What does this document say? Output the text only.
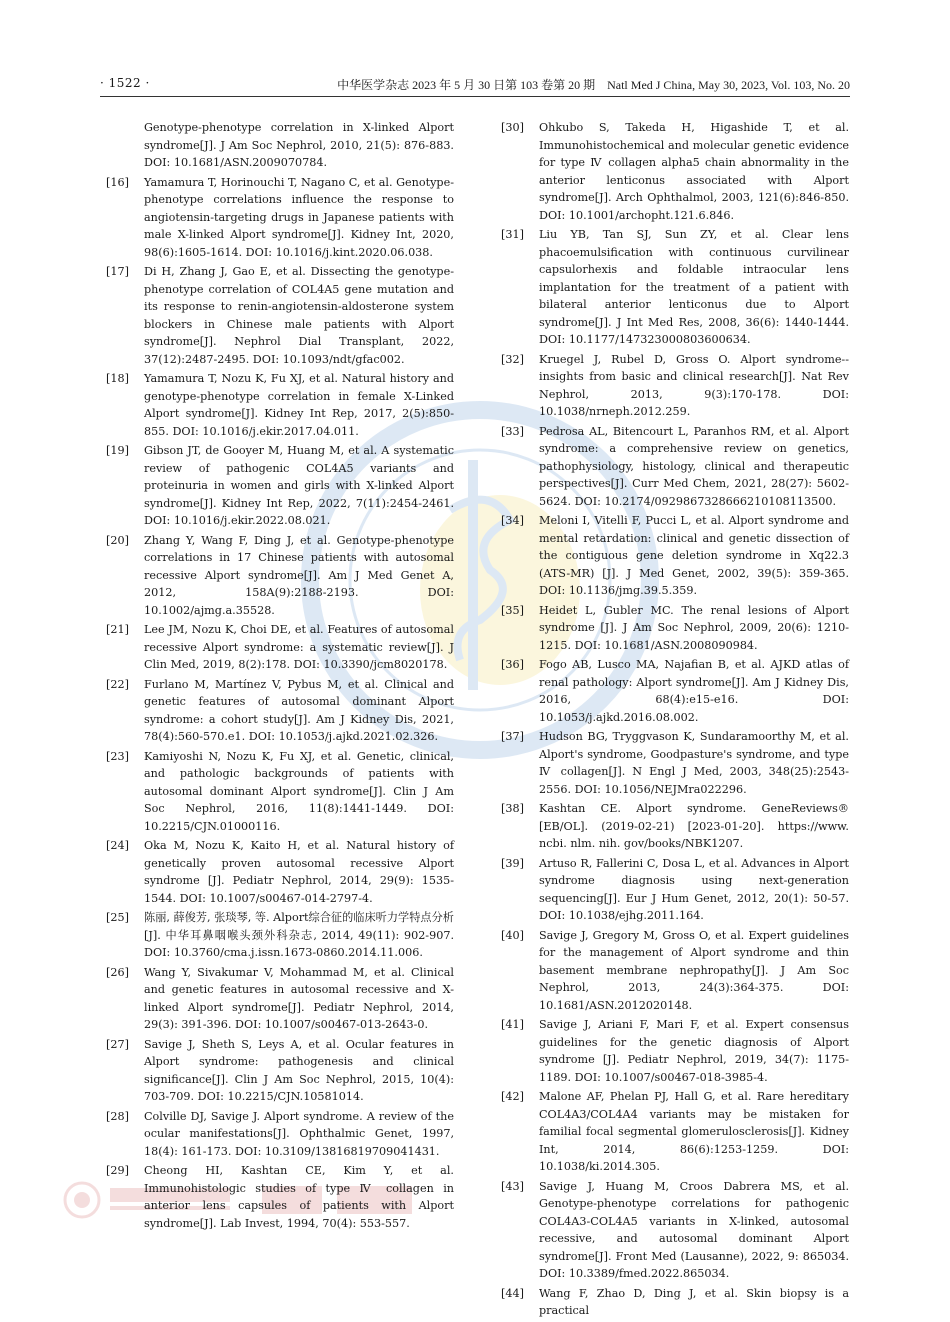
· 1522 ·	中华医学杂志 2023 年 5 月 30 日第 103 卷第 20 期　Natl Med J China, May 30, 2023, Vol. 103, No. 20
Genotype-phenotype correlation in X-linked Alport syndrome[J]. J Am Soc Nephrol, 2010, 21(5): 876-883. DOI: 10.1681/ASN.2009070784.
[16] Yamamura T, Horinouchi T, Nagano C, et al. Genotype-phenotype correlations influence the response to angiotensin-targeting drugs in Japanese patients with male X-linked Alport syndrome[J]. Kidney Int, 2020, 98(6):1605-1614. DOI: 10.1016/j.kint.2020.06.038.
[17] Di H, Zhang J, Gao E, et al. Dissecting the genotype-phenotype correlation of COL4A5 gene mutation and its response to renin-angiotensin-aldosterone system blockers in Chinese male patients with Alport syndrome[J]. Nephrol Dial Transplant, 2022, 37(12):2487-2495. DOI: 10.1093/ndt/gfac002.
[18] Yamamura T, Nozu K, Fu XJ, et al. Natural history and genotype-phenotype correlation in female X-Linked Alport syndrome[J]. Kidney Int Rep, 2017, 2(5):850-855. DOI: 10.1016/j.ekir.2017.04.011.
[19] Gibson JT, de Gooyer M, Huang M, et al. A systematic review of pathogenic COL4A5 variants and proteinuria in women and girls with X-linked Alport syndrome[J]. Kidney Int Rep, 2022, 7(11):2454-2461. DOI: 10.1016/j.ekir.2022.08.021.
[20] Zhang Y, Wang F, Ding J, et al. Genotype-phenotype correlations in 17 Chinese patients with autosomal recessive Alport syndrome[J]. Am J Med Genet A, 2012, 158A(9):2188-2193. DOI: 10.1002/ajmg.a.35528.
[21] Lee JM, Nozu K, Choi DE, et al. Features of autosomal recessive Alport syndrome: a systematic review[J]. J Clin Med, 2019, 8(2):178. DOI: 10.3390/jcm8020178.
[22] Furlano M, Martínez V, Pybus M, et al. Clinical and genetic features of autosomal dominant Alport syndrome: a cohort study[J]. Am J Kidney Dis, 2021, 78(4):560-570.e1. DOI: 10.1053/j.ajkd.2021.02.326.
[23] Kamiyoshi N, Nozu K, Fu XJ, et al. Genetic, clinical, and pathologic backgrounds of patients with autosomal dominant Alport syndrome[J]. Clin J Am Soc Nephrol, 2016, 11(8):1441-1449. DOI: 10.2215/CJN.01000116.
[24] Oka M, Nozu K, Kaito H, et al. Natural history of genetically proven autosomal recessive Alport syndrome [J]. Pediatr Nephrol, 2014, 29(9): 1535-1544. DOI: 10.1007/s00467-014-2797-4.
[25] 陈丽, 薛俊芳, 张琰琴, 等. Alport综合征的临床听力学特点分析[J]. 中华耳鼻咽喉头颈外科杂志, 2014, 49(11): 902-907. DOI: 10.3760/cma.j.issn.1673-0860.2014.11.006.
[26] Wang Y, Sivakumar V, Mohammad M, et al. Clinical and genetic features in autosomal recessive and X-linked Alport syndrome[J]. Pediatr Nephrol, 2014, 29(3): 391-396. DOI: 10.1007/s00467-013-2643-0.
[27] Savige J, Sheth S, Leys A, et al. Ocular features in Alport syndrome: pathogenesis and clinical significance[J]. Clin J Am Soc Nephrol, 2015, 10(4): 703-709. DOI: 10.2215/CJN.10581014.
[28] Colville DJ, Savige J. Alport syndrome. A review of the ocular manifestations[J]. Ophthalmic Genet, 1997, 18(4): 161-173. DOI: 10.3109/13816819709041431.
[29] Cheong HI, Kashtan CE, Kim Y, et al. Immunohistologic studies of type Ⅳ collagen in anterior lens capsules of patients with Alport syndrome[J]. Lab Invest, 1994, 70(4): 553-557.
[30] Ohkubo S, Takeda H, Higashide T, et al. Immunohistochemical and molecular genetic evidence for type Ⅳ collagen alpha5 chain abnormality in the anterior lenticonus associated with Alport syndrome[J]. Arch Ophthalmol, 2003, 121(6):846-850. DOI: 10.1001/archopht.121.6.846.
[31] Liu YB, Tan SJ, Sun ZY, et al. Clear lens phacoemulsification with continuous curvilinear capsulorhexis and foldable intraocular lens implantation for the treatment of a patient with bilateral anterior lenticonus due to Alport syndrome[J]. J Int Med Res, 2008, 36(6): 1440-1444. DOI: 10.1177/147323000803600634.
[32] Kruegel J, Rubel D, Gross O. Alport syndrome--insights from basic and clinical research[J]. Nat Rev Nephrol, 2013, 9(3):170-178. DOI: 10.1038/nrneph.2012.259.
[33] Pedrosa AL, Bitencourt L, Paranhos RM, et al. Alport syndrome: a comprehensive review on genetics, pathophysiology, histology, clinical and therapeutic perspectives[J]. Curr Med Chem, 2021, 28(27): 5602-5624. DOI: 10.2174/0929867328666210108113500.
[34] Meloni I, Vitelli F, Pucci L, et al. Alport syndrome and mental retardation: clinical and genetic dissection of the contiguous gene deletion syndrome in Xq22.3 (ATS-MR) [J]. J Med Genet, 2002, 39(5): 359-365. DOI: 10.1136/jmg.39.5.359.
[35] Heidet L, Gubler MC. The renal lesions of Alport syndrome [J]. J Am Soc Nephrol, 2009, 20(6): 1210-1215. DOI: 10.1681/ASN.2008090984.
[36] Fogo AB, Lusco MA, Najafian B, et al. AJKD atlas of renal pathology: Alport syndrome[J]. Am J Kidney Dis, 2016, 68(4):e15-e16. DOI: 10.1053/j.ajkd.2016.08.002.
[37] Hudson BG, Tryggvason K, Sundaramoorthy M, et al. Alport's syndrome, Goodpasture's syndrome, and type Ⅳ collagen[J]. N Engl J Med, 2003, 348(25):2543-2556. DOI: 10.1056/NEJMra022296.
[38] Kashtan CE. Alport syndrome. GeneReviews® [EB/OL]. (2019-02-21) [2023-01-20]. https://www. ncbi. nlm. nih. gov/books/NBK1207.
[39] Artuso R, Fallerini C, Dosa L, et al. Advances in Alport syndrome diagnosis using next-generation sequencing[J]. Eur J Hum Genet, 2012, 20(1): 50-57. DOI: 10.1038/ejhg.2011.164.
[40] Savige J, Gregory M, Gross O, et al. Expert guidelines for the management of Alport syndrome and thin basement membrane nephropathy[J]. J Am Soc Nephrol, 2013, 24(3):364-375. DOI: 10.1681/ASN.2012020148.
[41] Savige J, Ariani F, Mari F, et al. Expert consensus guidelines for the genetic diagnosis of Alport syndrome [J]. Pediatr Nephrol, 2019, 34(7): 1175-1189. DOI: 10.1007/s00467-018-3985-4.
[42] Malone AF, Phelan PJ, Hall G, et al. Rare hereditary COL4A3/COL4A4 variants may be mistaken for familial focal segmental glomerulosclerosis[J]. Kidney Int, 2014, 86(6):1253-1259. DOI: 10.1038/ki.2014.305.
[43] Savige J, Huang M, Croos Dabrera MS, et al. Genotype-phenotype correlations for pathogenic COL4A3-COL4A5 variants in X-linked, autosomal recessive, and autosomal dominant Alport syndrome[J]. Front Med (Lausanne), 2022, 9: 865034. DOI: 10.3389/fmed.2022.865034.
[44] Wang F, Zhao D, Ding J, et al. Skin biopsy is a practical
